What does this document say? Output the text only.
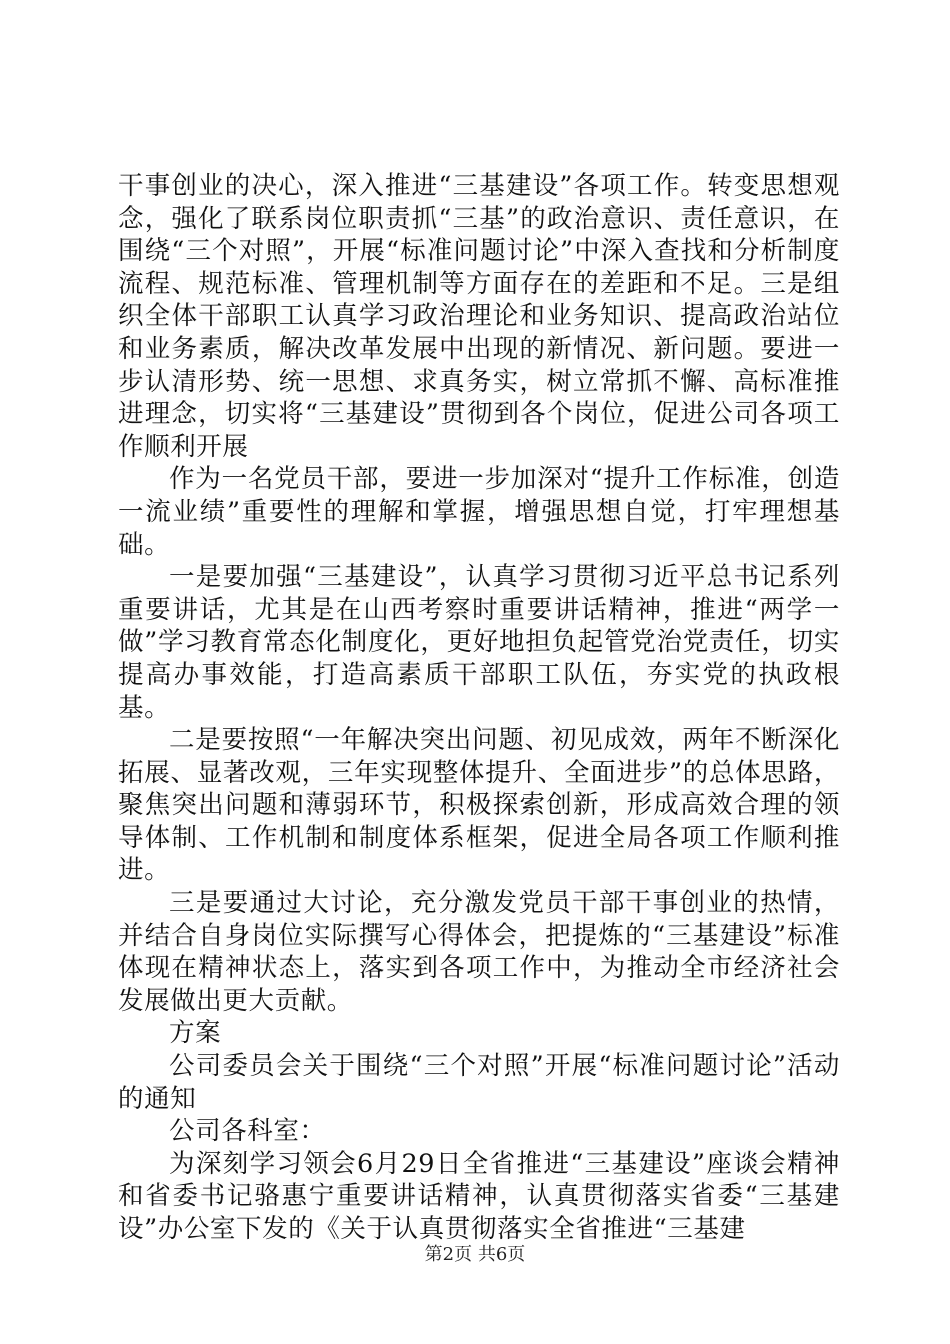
干事创业的决心，深入推进“三基建设”各项工作。转变思想观念，强化了联系岗位职责抓“三基”的政治意识、责任意识，在围绕“三个对照”，开展“标准问题讨论”中深入查找和分析制度流程、规范标准、管理机制等方面存在的差距和不足。三是组织全体干部职工认真学习政治理论和业务知识、提高政治站位和业务素质，解决改革发展中出现的新情况、新问题。要进一步认清形势、统一思想、求真务实，树立常抓不懈、高标准推进理念，切实将“三基建设”贯彻到各个岗位，促进公司各项工作顺利开展

作为一名党员干部，要进一步加深对“提升工作标准，创造一流业绩”重要性的理解和掌握，增强思想自觉，打牢理想基础。

一是要加强“三基建设”，认真学习贯彻习近平总书记系列重要讲话，尤其是在山西考察时重要讲话精神，推进“两学一做”学习教育常态化制度化，更好地担负起管党治党责任，切实提高办事效能，打造高素质干部职工队伍，夯实党的执政根基。

二是要按照“一年解决突出问题、初见成效，两年不断深化拓展、显著改观，三年实现整体提升、全面进步”的总体思路，聚焦突出问题和薄弱环节，积极探索创新，形成高效合理的领导体制、工作机制和制度体系框架，促进全局各项工作顺利推进。

三是要通过大讨论，充分激发党员干部干事创业的热情，并结合自身岗位实际撰写心得体会，把提炼的“三基建设”标准体现在精神状态上，落实到各项工作中，为推动全市经济社会发展做出更大贡献。

方案

公司委员会关于围绕“三个对照”开展“标准问题讨论”活动的通知

公司各科室：

为深刻学习领会6月29日全省推进“三基建设”座谈会精神和省委书记骆惠宁重要讲话精神，认真贯彻落实省委“三基建设”办公室下发的《关于认真贯彻落实全省推进“三基建

第2页 共6页
